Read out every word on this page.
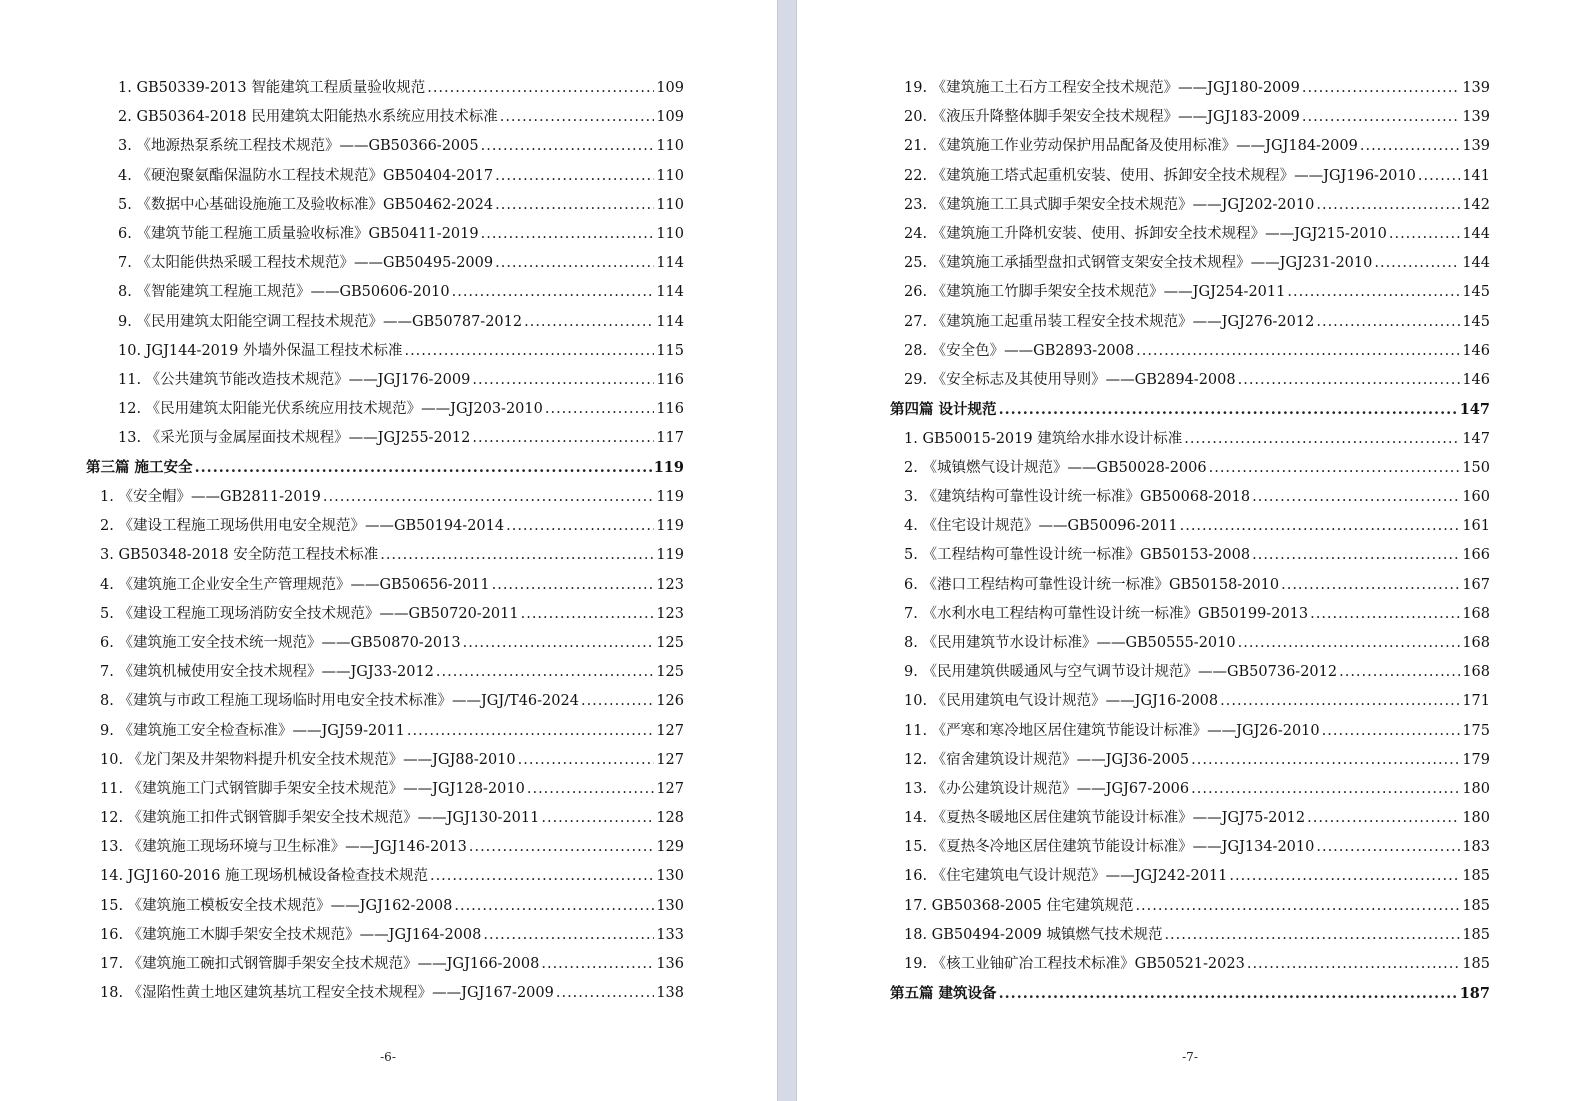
1. GB50339-2013 智能建筑工程质量验收规范 .....	109
2. GB50364-2018 民用建筑太阳能热水系统应用技术标准 .....	109
3. 《地源热泵系统工程技术规范》——GB50366-2005 .....	110
4. 《硬泡聚氨酯保温防水工程技术规范》GB50404-2017 .....	110
5. 《数据中心基础设施施工及验收标准》GB50462-2024 .....	110
6. 《建筑节能工程施工质量验收标准》GB50411-2019 .....	110
7. 《太阳能供热采暖工程技术规范》——GB50495-2009 .....	114
8. 《智能建筑工程施工规范》——GB50606-2010 .....	114
9. 《民用建筑太阳能空调工程技术规范》——GB50787-2012 .....	114
10. JGJ144-2019 外墙外保温工程技术标准 .....	115
11. 《公共建筑节能改造技术规范》——JGJ176-2009 .....	116
12. 《民用建筑太阳能光伏系统应用技术规范》——JGJ203-2010 .....	116
13. 《采光顶与金属屋面技术规程》——JGJ255-2012 .....	117
第三篇 施工安全 .....	119
1. 《安全帽》——GB2811-2019 .....	119
2. 《建设工程施工现场供用电安全规范》——GB50194-2014 .....	119
3. GB50348-2018 安全防范工程技术标准 .....	119
4. 《建筑施工企业安全生产管理规范》——GB50656-2011 .....	123
5. 《建设工程施工现场消防安全技术规范》——GB50720-2011 .....	123
6. 《建筑施工安全技术统一规范》——GB50870-2013 .....	125
7. 《建筑机械使用安全技术规程》——JGJ33-2012 .....	125
8. 《建筑与市政工程施工现场临时用电安全技术标准》——JGJ/T46-2024 .....	126
9. 《建筑施工安全检查标准》——JGJ59-2011 .....	127
10. 《龙门架及井架物料提升机安全技术规范》——JGJ88-2010 .....	127
11. 《建筑施工门式钢管脚手架安全技术规范》——JGJ128-2010 .....	127
12. 《建筑施工扣件式钢管脚手架安全技术规范》——JGJ130-2011 .....	128
13. 《建筑施工现场环境与卫生标准》——JGJ146-2013 .....	129
14. JGJ160-2016 施工现场机械设备检查技术规范 .....	130
15. 《建筑施工模板安全技术规范》——JGJ162-2008 .....	130
16. 《建筑施工木脚手架安全技术规范》——JGJ164-2008 .....	133
17. 《建筑施工碗扣式钢管脚手架安全技术规范》——JGJ166-2008 .....	136
18. 《湿陷性黄土地区建筑基坑工程安全技术规程》——JGJ167-2009 .....	138
-6-
19. 《建筑施工土石方工程安全技术规范》——JGJ180-2009 .....	139
20. 《液压升降整体脚手架安全技术规程》——JGJ183-2009 .....	139
21. 《建筑施工作业劳动保护用品配备及使用标准》——JGJ184-2009 .....	139
22. 《建筑施工塔式起重机安装、使用、拆卸安全技术规程》——JGJ196-2010 .....	141
23. 《建筑施工工具式脚手架安全技术规范》——JGJ202-2010 .....	142
24. 《建筑施工升降机安装、使用、拆卸安全技术规程》——JGJ215-2010 .....	144
25. 《建筑施工承插型盘扣式钢管支架安全技术规程》——JGJ231-2010 .....	144
26. 《建筑施工竹脚手架安全技术规范》——JGJ254-2011 .....	145
27. 《建筑施工起重吊装工程安全技术规范》——JGJ276-2012 .....	145
28. 《安全色》——GB2893-2008 .....	146
29. 《安全标志及其使用导则》——GB2894-2008 .....	146
第四篇 设计规范 .....	147
1. GB50015-2019 建筑给水排水设计标准 .....	147
2. 《城镇燃气设计规范》——GB50028-2006 .....	150
3. 《建筑结构可靠性设计统一标准》GB50068-2018 .....	160
4. 《住宅设计规范》——GB50096-2011 .....	161
5. 《工程结构可靠性设计统一标准》GB50153-2008 .....	166
6. 《港口工程结构可靠性设计统一标准》GB50158-2010 .....	167
7. 《水利水电工程结构可靠性设计统一标准》GB50199-2013 .....	168
8. 《民用建筑节水设计标准》——GB50555-2010 .....	168
9. 《民用建筑供暖通风与空气调节设计规范》——GB50736-2012 .....	168
10. 《民用建筑电气设计规范》——JGJ16-2008 .....	171
11. 《严寒和寒冷地区居住建筑节能设计标准》——JGJ26-2010 .....	175
12. 《宿舍建筑设计规范》——JGJ36-2005 .....	179
13. 《办公建筑设计规范》——JGJ67-2006 .....	180
14. 《夏热冬暖地区居住建筑节能设计标准》——JGJ75-2012 .....	180
15. 《夏热冬冷地区居住建筑节能设计标准》——JGJ134-2010 .....	183
16. 《住宅建筑电气设计规范》——JGJ242-2011 .....	185
17. GB50368-2005 住宅建筑规范 .....	185
18. GB50494-2009 城镇燃气技术规范 .....	185
19. 《核工业铀矿冶工程技术标准》GB50521-2023 .....	185
第五篇 建筑设备 .....	187
-7-
